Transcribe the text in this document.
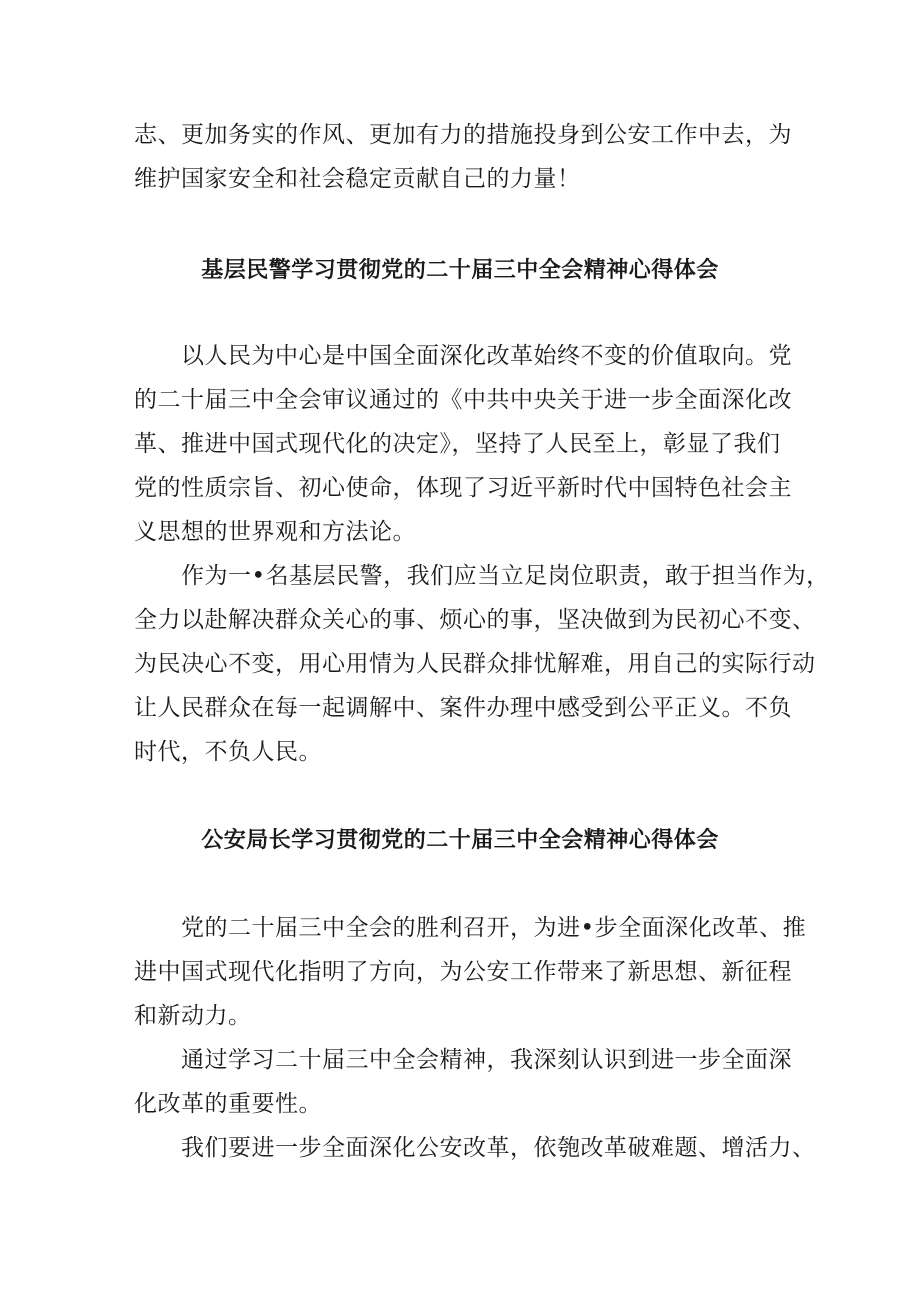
志、更加务实的作风、更加有力的措施投身到公安工作中去，为
维护国家安全和社会稳定贡献自己的力量！
基层民警学习贯彻党的二十届三中全会精神心得体会
　　以人民为中心是中国全面深化改革始终不变的价值取向。党
的二十届三中全会审议通过的《中共中央关于进一步全面深化改
革、推进中国式现代化的决定》，坚持了人民至上，彰显了我们
党的性质宗旨、初心使命，体现了习近平新时代中国特色社会主
义思想的世界观和方法论。
　　作为一•名基层民警，我们应当立足岗位职责，敢于担当作为，
全力以赴解决群众关心的事、烦心的事，坚决做到为民初心不变、
为民决心不变，用心用情为人民群众排忧解难，用自己的实际行动
让人民群众在每一起调解中、案件办理中感受到公平正义。不负
时代，不负人民。
公安局长学习贯彻党的二十届三中全会精神心得体会
　　党的二十届三中全会的胜利召开，为进•步全面深化改革、推
进中国式现代化指明了方向，为公安工作带来了新思想、新征程
和新动力。
　　通过学习二十届三中全会精神，我深刻认识到进一步全面深
化改革的重要性。
　　我们要进一步全面深化公安改革，依匏改革破难题、增活力、
